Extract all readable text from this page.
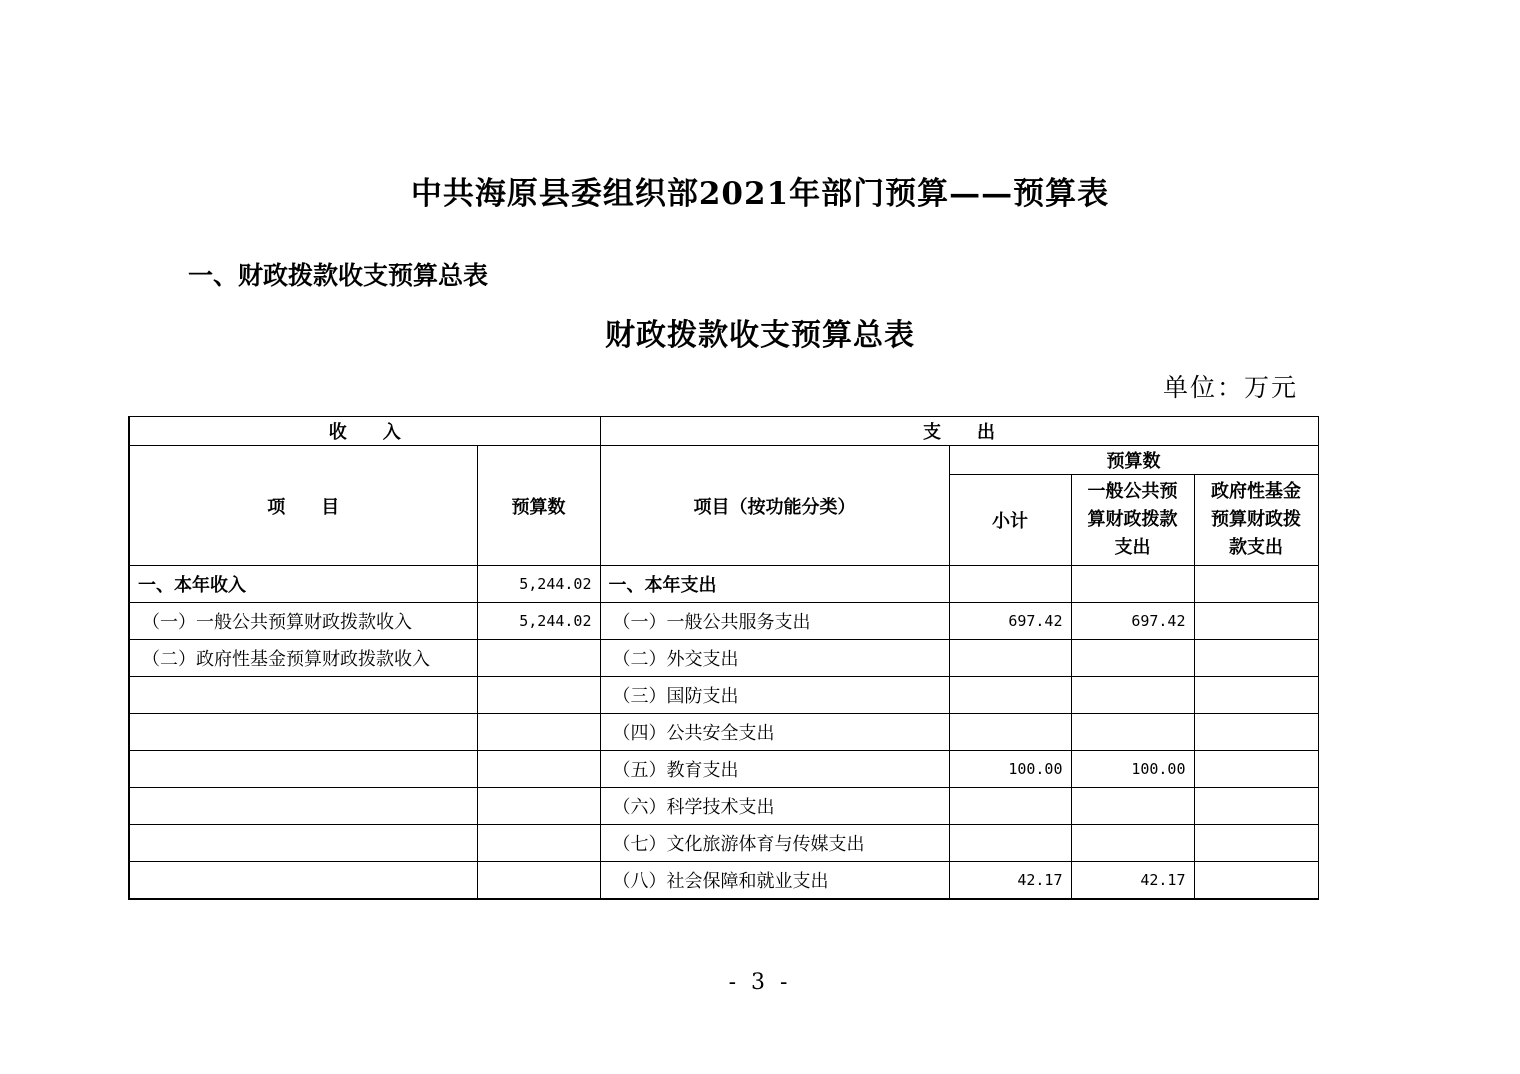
中共海原县委组织部2021年部门预算——预算表
一、财政拨款收支预算总表
财政拨款收支预算总表
单位：万元
收　　入		支　　出			
项　　目	预算数	项目（按功能分类）	预算数		
			小计	一般公共预算财政拨款支出	政府性基金预算财政拨款支出
一、本年收入	5,244.02	一、本年支出			
（一）一般公共预算财政拨款收入	5,244.02	（一）一般公共服务支出	697.42	697.42	
（二）政府性基金预算财政拨款收入		（二）外交支出			
		（三）国防支出			
		（四）公共安全支出			
		（五）教育支出	100.00	100.00	
		（六）科学技术支出			
		（七）文化旅游体育与传媒支出			
		（八）社会保障和就业支出	42.17	42.17	
- 3 -
